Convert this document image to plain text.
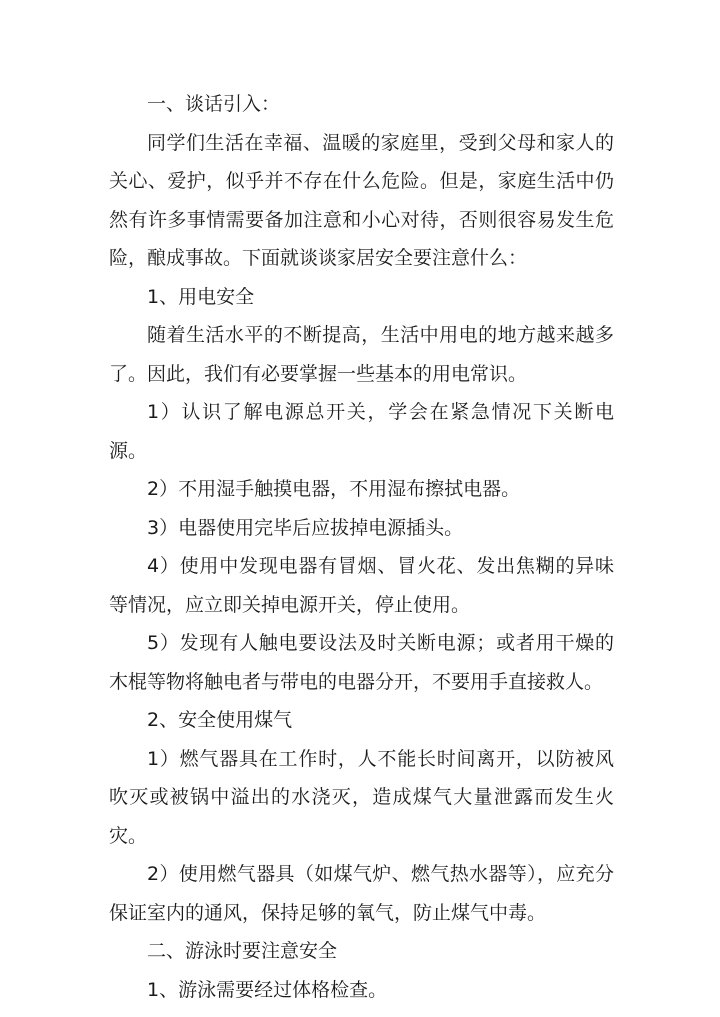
一、谈话引入：

同学们生活在幸福、温暖的家庭里，受到父母和家人的关心、爱护，似乎并不存在什么危险。但是，家庭生活中仍然有许多事情需要备加注意和小心对待，否则很容易发生危险，酿成事故。下面就谈谈家居安全要注意什么：

1、用电安全

随着生活水平的不断提高，生活中用电的地方越来越多了。因此，我们有必要掌握一些基本的用电常识。

1）认识了解电源总开关，学会在紧急情况下关断电源。

2）不用湿手触摸电器，不用湿布擦拭电器。

3）电器使用完毕后应拔掉电源插头。

4）使用中发现电器有冒烟、冒火花、发出焦糊的异味等情况，应立即关掉电源开关，停止使用。

5）发现有人触电要设法及时关断电源；或者用干燥的木棍等物将触电者与带电的电器分开，不要用手直接救人。

2、安全使用煤气

1）燃气器具在工作时，人不能长时间离开，以防被风吹灭或被锅中溢出的水浇灭，造成煤气大量泄露而发生火灾。

2）使用燃气器具（如煤气炉、燃气热水器等），应充分保证室内的通风，保持足够的氧气，防止煤气中毒。

二、游泳时要注意安全

1、游泳需要经过体格检查。
